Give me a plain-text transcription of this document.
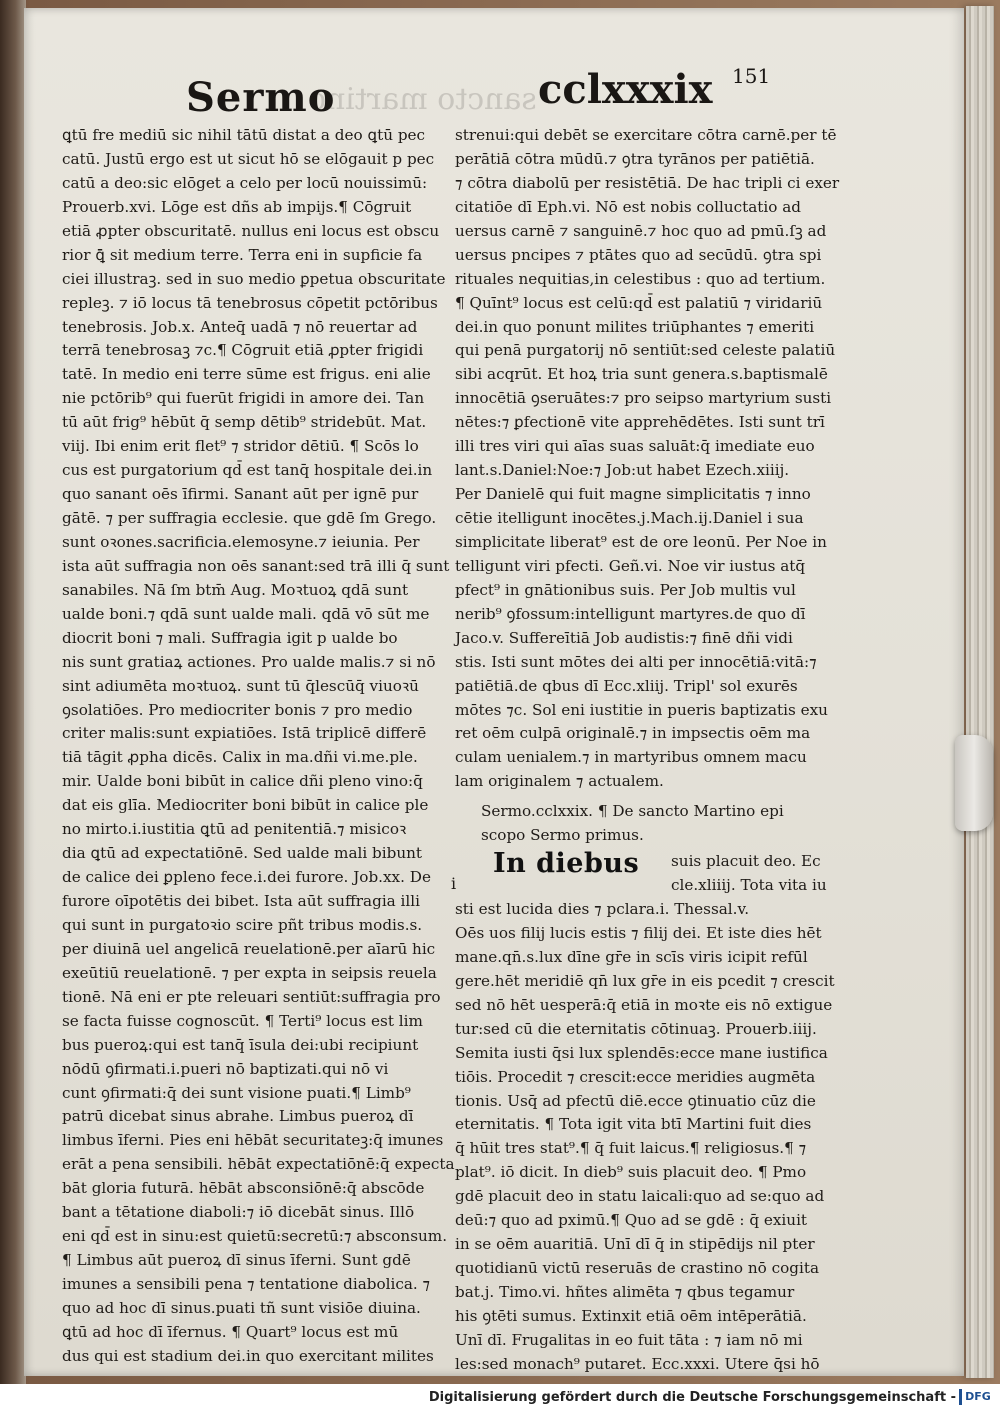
Sermo
sancto martino cclxxxix 151
ꝗtū fre mediū sic nihil tātū distat a deo ꝗtū pec
catū. Justū ergo est ut sicut hō se elōgauit p pec
catū a deo:sic elōget a celo per locū nouissimū:
Prouerb.xvi. Lōge est dñs ab impijs.¶ Cōgruit
etiā ꝓpter obscuritatē. nullus eni locus est obscu
rior ꝗ̄ sit medium terre. Terra eni in supficie fa
ciei illustraꝫ. sed in suo medio ꝑpetua obscuritate
repleꝫ. ⁊ iō locus tā tenebrosus cōpetit pctōribus
tenebrosis. Job.x. Anteq̄ uadā ⁊ nō reuertar ad
terrā tenebrosaꝫ ⁊c.¶ Cōgruit etiā ꝓpter frigidi
tatē. In medio eni terre sūme est frigus. eni alie
nie pctōrib⁹ qui fuerūt frigidi in amore dei. Tan
tū aūt frig⁹ hēbūt q̄ semp dētib⁹ stridebūt. Mat.
viij. Ibi enim erit flet⁹ ⁊ stridor dētiū. ¶ Scōs lo
cus est purgatorium qd̄ est tanq̄ hospitale dei.in
quo sanant oēs īfirmi. Sanant aūt per ignē pur
gātē. ⁊ per suffragia ecclesie. que gdē ſm Grego.
sunt oꝛones.sacrificia.elemosyne.⁊ ieiunia. Per
ista aūt suffragia non oēs sanant:sed trā illi q̄ sunt
sanabiles. Nā ſm btm̄ Aug. Moꝛtuoꝝ qdā sunt
ualde boni.⁊ qdā sunt ualde mali. qdā vō sūt me
diocrit boni ⁊ mali. Suffragia igit p ualde bo
nis sunt gratiaꝝ actiones. Pro ualde malis.⁊ si nō
sint adiumēta moꝛtuoꝝ. sunt tū q̄lescūq̄ viuoꝛū
ꝯsolatiōes. Pro mediocriter bonis ⁊ pro medio
criter malis:sunt expiatiōes. Istā triplicē differē
tiā tāgit ꝓpha dicēs. Calix in ma.dñi vi.me.ple.
mir. Ualde boni bibūt in calice dñi pleno vino:q̄
dat eis glīa. Mediocriter boni bibūt in calice ple
no mirto.i.iustitia ꝗtū ad penitentiā.⁊ misicoꝛ
dia ꝗtū ad expectatiōnē. Sed ualde mali bibunt
de calice dei ꝑpleno fece.i.dei furore. Job.xx. De
furore oīpotētis dei bibet. Ista aūt suffragia illi
qui sunt in purgatoꝛio scire pñt tribus modis.s.
per diuinā uel angelicā reuelationē.per aīarū hic
exeūtiū reuelationē. ⁊ per expta in seipsis reuela
tionē. Nā eni er pte releuari sentiūt:suffragia pro
se facta fuisse cognoscūt. ¶ Terti⁹ locus est lim
bus pueroꝝ:qui est tanq̄ īsula dei:ubi recipiunt
nōdū ꝯfirmati.i.pueri nō baptizati.qui nō vi
cunt ꝯfirmati:q̄ dei sunt visione puati.¶ Limb⁹
patrū dicebat sinus abrahe. Limbus pueroꝝ dī
limbus īferni. Pies eni hēbāt securitateꝫ:q̄ imunes
erāt a pena sensibili. hēbāt expectatiōnē:q̄ expecta
bāt gloria futurā. hēbāt absconsiōnē:q̄ abscōde
bant a tētatione diaboli:⁊ iō dicebāt sinus. Illō
eni qd̄ est in sinu:est quietū:secretū:⁊ absconsum.
¶ Limbus aūt pueroꝝ dī sinus īferni. Sunt gdē
imunes a sensibili pena ⁊ tentatione diabolica. ⁊
quo ad hoc dī sinus.puati tñ sunt visiōe diuina.
ꝗtū ad hoc dī īfernus. ¶ Quart⁹ locus est mū
dus qui est stadium dei.in quo exercitant milites
strenui:qui debēt se exercitare cōtra carnē.per tē
perātiā cōtra mūdū.⁊ ꝯtra tyrānos per patiētiā.
⁊ cōtra diabolū per resistētiā. De hac tripli ci exer
citatiōe dī Eph.vi. Nō est nobis colluctatio ad
uersus carnē ⁊ sanguinē.⁊ hoc quo ad pmū.ſꝫ ad
uersus pncipes ⁊ ptātes quo ad secūdū. ꝯtra spi
rituales nequitias,in celestibus : quo ad tertium.
¶ Quīnt⁹ locus est celū:qd̄ est palatiū ⁊ viridariū
dei.in quo ponunt milites triūphantes ⁊ emeriti
qui penā purgatorij nō sentiūt:sed celeste palatiū
sibi acqrūt. Et hoꝝ tria sunt genera.s.baptismalē
innocētiā ꝯseruātes:⁊ pro seipso martyrium susti
nētes:⁊ ꝑfectionē vite apprehēdētes. Isti sunt trī
illi tres viri qui aīas suas saluāt:q̄ imediate euo
lant.s.Daniel:Noe:⁊ Job:ut habet Ezech.xiiij.
Per Danielē qui fuit magne simplicitatis ⁊ inno
cētie itelligunt inocētes.j.Mach.ij.Daniel i sua
simplicitate liberat⁹ est de ore leonū. Per Noe in
telligunt viri pfecti. Geñ.vi. Noe vir iustus atq̄
pfect⁹ in gnātionibus suis. Per Job multis vul
nerib⁹ ꝯfossum:intelligunt martyres.de quo dī
Jaco.v. Suffereītiā Job audistis:⁊ finē dñi vidi
stis. Isti sunt mōtes dei alti per innocētiā:vitā:⁊
patiētiā.de qbus dī Ecc.xliij. Tripl' sol exurēs
mōtes ⁊c. Sol eni iustitie in pueris baptizatis exu
ret oēm culpā originalē.⁊ in impsectis oēm ma
culam uenialem.⁊ in martyribus omnem macu
lam originalem ⁊ actualem.
Sermo.cclxxix. ¶ De sancto Martino epi
scopo Sermo primus.
i
In diebus	suis placuit deo. Ec
cle.xliiij. Tota vita iu
sti est lucida dies ⁊ pclara.i. Thessal.v.
Oēs uos filij lucis estis ⁊ filij dei. Et iste dies hēt
mane.qn̄.s.lux dīne gr̄e in scīs viris icipit refūl
gere.hēt meridiē qn̄ lux gr̄e in eis pcedit ⁊ crescit
sed nō hēt uesperā:q̄ etiā in moꝛte eis nō extigue
tur:sed cū die eternitatis cōtinuaꝫ. Prouerb.iiij.
Semita iusti q̄si lux splendēs:ecce mane iustifica
tiōis. Procedit ⁊ crescit:ecce meridies augmēta
tionis. Usq̄ ad pfectū diē.ecce ꝯtinuatio cūz die
eternitatis. ¶ Tota igit vita btī Martini fuit dies
q̄ hūit tres stat⁹.¶ q̄ fuit laicus.¶ religiosus.¶ ⁊
plat⁹. iō dicit. In dieb⁹ suis placuit deo. ¶ Pmo
gdē placuit deo in statu laicali:quo ad se:quo ad
deū:⁊ quo ad pximū.¶ Quo ad se gdē : q̄ exiuit
in se oēm auaritiā. Unī dī q̄ in stipēdijs nil pter
quotidianū victū reseruās de crastino nō cogita
bat.j. Timo.vi. hñtes alimēta ⁊ qbus tegamur
his ꝯtēti sumus. Extinxit etiā oēm intēperātiā.
Unī dī. Frugalitas in eo fuit tāta : ⁊ iam nō mi
les:sed monach⁹ putaret. Ecc.xxxi. Utere q̄si hō
Digitalisierung gefördert durch die Deutsche Forschungsgemeinschaft - DFG
